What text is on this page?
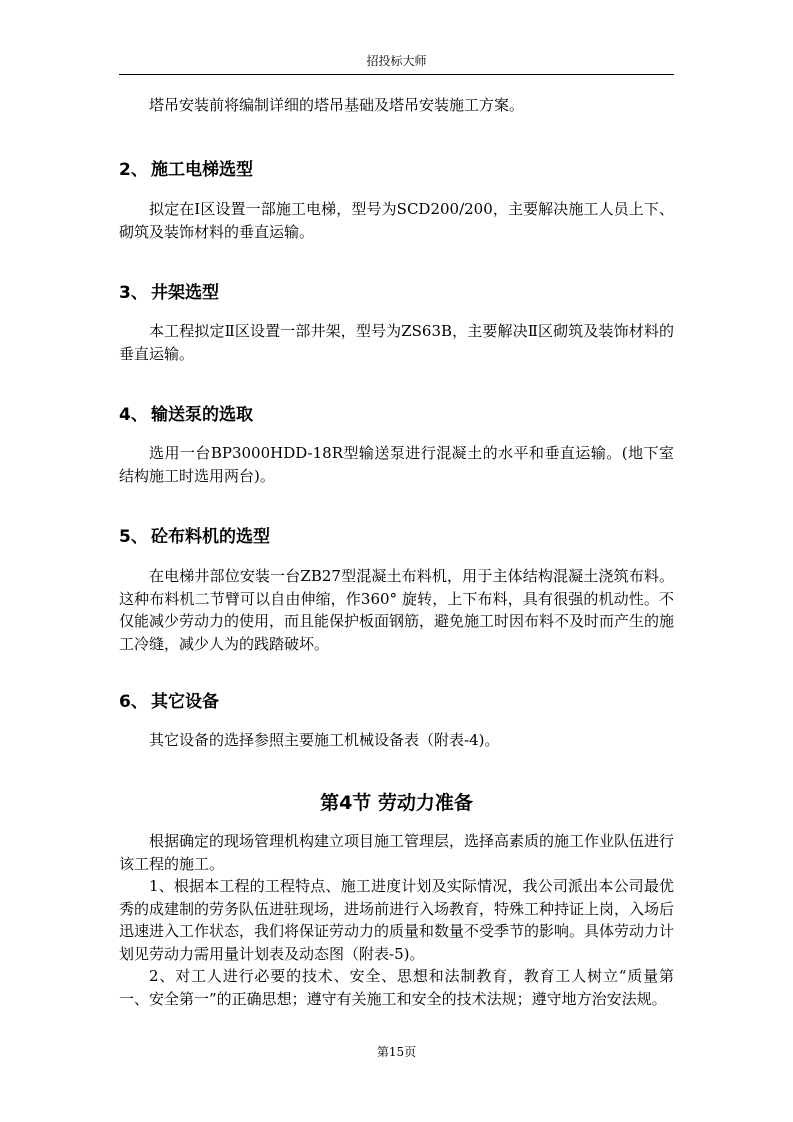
招投标大师

塔吊安装前将编制详细的塔吊基础及塔吊安装施工方案。

2、 施工电梯选型

拟定在Ⅰ区设置一部施工电梯，型号为SCD200/200，主要解决施工人员上下、砌筑及装饰材料的垂直运输。

3、 井架选型

本工程拟定Ⅱ区设置一部井架，型号为ZS63B，主要解决Ⅱ区砌筑及装饰材料的垂直运输。

4、 输送泵的选取

选用一台BP3000HDD-18R型输送泵进行混凝土的水平和垂直运输。(地下室结构施工时选用两台)。

5、 砼布料机的选型

在电梯井部位安装一台ZB27型混凝土布料机，用于主体结构混凝土浇筑布料。这种布料机二节臂可以自由伸缩，作360° 旋转，上下布料，具有很强的机动性。不仅能减少劳动力的使用，而且能保护板面钢筋，避免施工时因布料不及时而产生的施工冷缝，减少人为的践踏破坏。

6、 其它设备

其它设备的选择参照主要施工机械设备表（附表-4)。

第4节 劳动力准备

根据确定的现场管理机构建立项目施工管理层，选择高素质的施工作业队伍进行该工程的施工。

1、根据本工程的工程特点、施工进度计划及实际情况，我公司派出本公司最优秀的成建制的劳务队伍进驻现场，进场前进行入场教育，特殊工种持证上岗，入场后迅速进入工作状态，我们将保证劳动力的质量和数量不受季节的影响。具体劳动力计划见劳动力需用量计划表及动态图（附表-5)。

2、对工人进行必要的技术、安全、思想和法制教育，教育工人树立“质量第一、安全第一”的正确思想；遵守有关施工和安全的技术法规；遵守地方治安法规。

第15页
